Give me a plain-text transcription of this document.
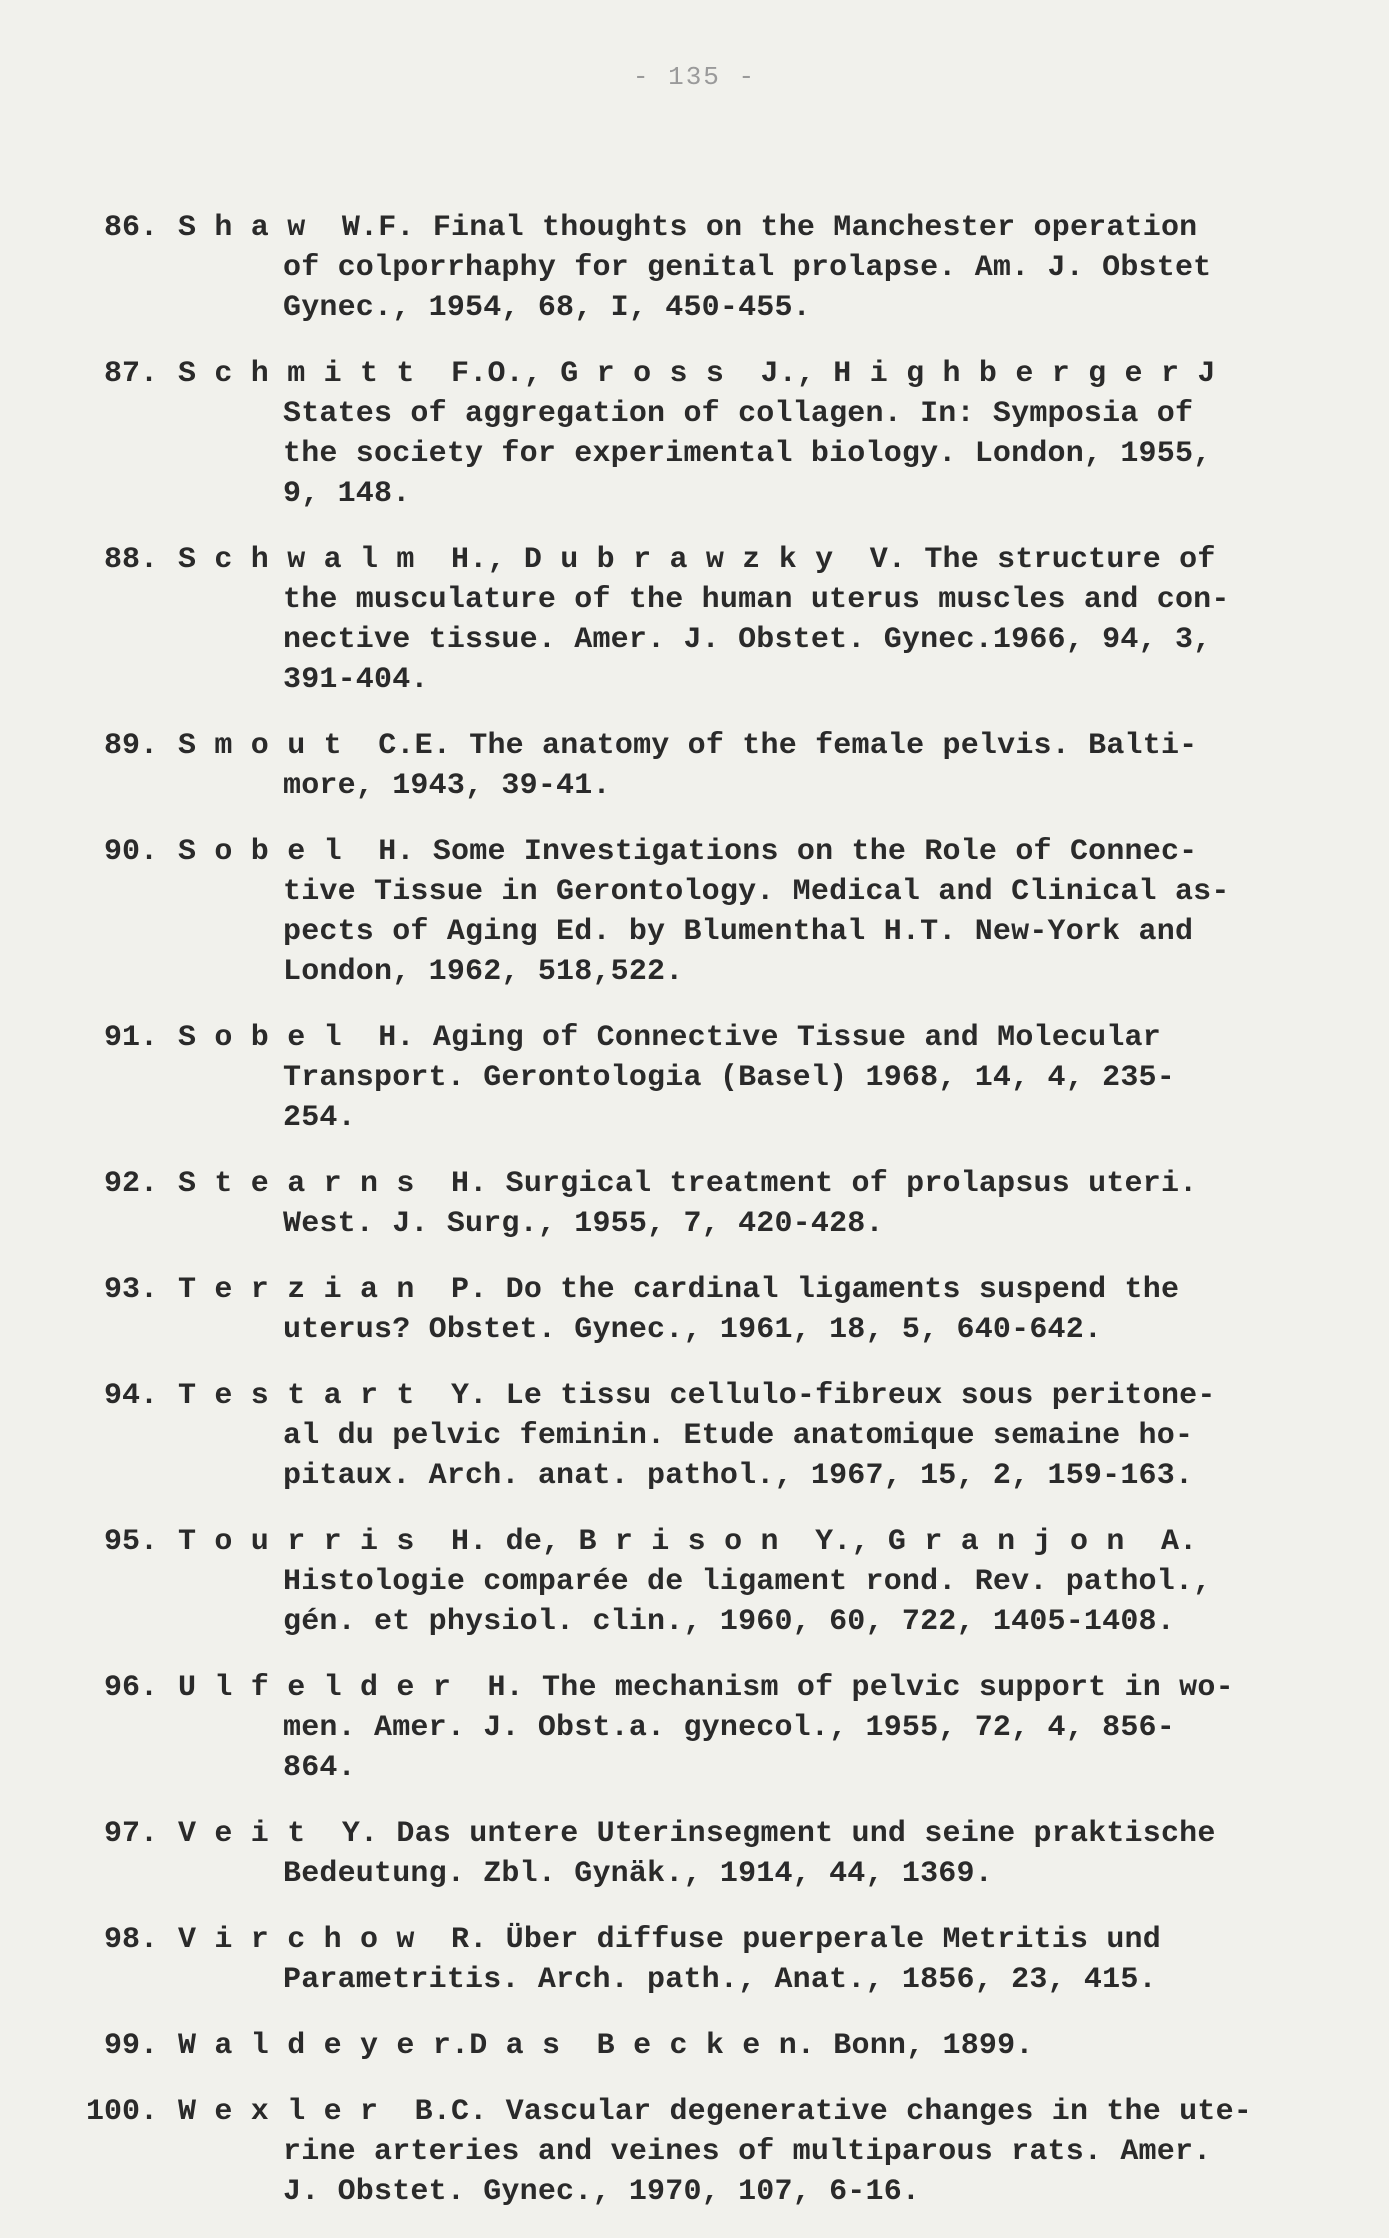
- 135 -
86. S h a w  W.F. Final thoughts on the Manchester operation
of colporrhaphy for genital prolapse. Am. J. Obstet
Gynec., 1954, 68, I, 450-455.
87. S c h m i t t  F.O., G r o s s  J., H i g h b e r g e r J
States of aggregation of collagen. In: Symposia of
the society for experimental biology. London, 1955,
9, 148.
88. S c h w a l m  H., D u b r a w z k y  V. The structure of
the musculature of the human uterus muscles and con-
nective tissue. Amer. J. Obstet. Gynec.1966, 94, 3,
391-404.
89. S m o u t  C.E. The anatomy of the female pelvis. Balti-
more, 1943, 39-41.
90. S o b e l  H. Some Investigations on the Role of Connec-
tive Tissue in Gerontology. Medical and Clinical as-
pects of Aging Ed. by Blumenthal H.T. New-York and
London, 1962, 518,522.
91. S o b e l  H. Aging of Connective Tissue and Molecular
Transport. Gerontologia (Basel) 1968, 14, 4, 235-
254.
92. S t e a r n s  H. Surgical treatment of prolapsus uteri.
West. J. Surg., 1955, 7, 420-428.
93. T e r z i a n  P. Do the cardinal ligaments suspend the
uterus? Obstet. Gynec., 1961, 18, 5, 640-642.
94. T e s t a r t  Y. Le tissu cellulo-fibreux sous peritone-
al du pelvic feminin. Etude anatomique semaine ho-
pitaux. Arch. anat. pathol., 1967, 15, 2, 159-163.
95. T o u r r i s  H. de, B r i s o n  Y., G r a n j o n  A.
Histologie comparée de ligament rond. Rev. pathol.,
gén. et physiol. clin., 1960, 60, 722, 1405-1408.
96. U l f e l d e r  H. The mechanism of pelvic support in wo-
men. Amer. J. Obst.a. gynecol., 1955, 72, 4, 856-
864.
97. V e i t  Y. Das untere Uterinsegment und seine praktische
Bedeutung. Zbl. Gynäk., 1914, 44, 1369.
98. V i r c h o w  R. Über diffuse puerperale Metritis und
Parametritis. Arch. path., Anat., 1856, 23, 415.
99. W a l d e y e r.D a s  B e c k e n. Bonn, 1899.
100. W e x l e r  B.C. Vascular degenerative changes in the ute-
rine arteries and veines of multiparous rats. Amer.
J. Obstet. Gynec., 1970, 107, 6-16.
